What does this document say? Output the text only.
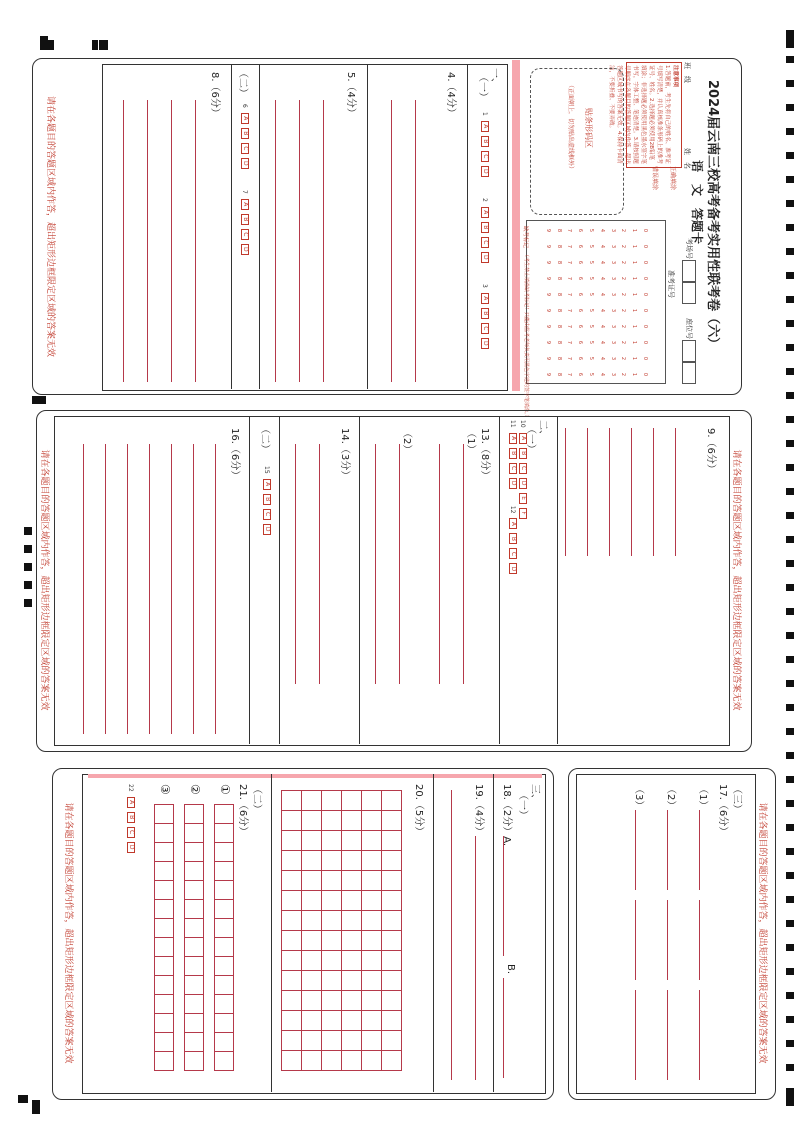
2024届云南三校高考备考实用性联考卷（六）
语　文　答题卡
班　级
姓　名
考场号
座位号
注意事项
1.答题前，考生先将自己的姓名、准考证号填写清楚，并认真核准条形码上的准考证号、姓名。2.选择题必须使用2B铅笔填涂；非选择题必须使用黑色墨水签字笔书写，字体工整、笔迹清楚。3.请按照题号顺序在各题目的答题区域内作答，超出答题区域书写的答案无效。4.保持卡面清洁，不要折叠、不要弄破。
正确填涂
错误填涂
准考证号
0
1
2
3
4
5
6
7
8
9
0
1
2
3
4
5
6
7
8
9
0
1
2
3
4
5
6
7
8
9
0
1
2
3
4
5
6
7
8
9
0
1
2
3
4
5
6
7
8
9
0
1
2
3
4
5
6
7
8
9
0
1
2
3
4
5
6
7
8
9
0
1
2
3
4
5
6
7
8
9
0
1
2
3
4
5
6
7
8
9
0
1
2
3
4
5
6
7
8
9
贴条形码区
（正面朝上，切勿贴出虚线框外）
缺考标记
（考生禁止填涂缺考标记！只能由监考老师负责用黑色字迹的签字笔填涂。）
一、
（一）
1ABCD 2ABCD 3ABCD
4.（4分）
5.（4分）
（二）
6ABCD 7ABCD
8.（6分）
请在各题目的答题区域内作答，超出矩形边框限定区域的答案无效
请在各题目的答题区域内作答，超出矩形边框限定区域的答案无效
9.（6分）
二、
（一）
10ABCDEF
11ABCD 12ABCD
13.（8分）
（1）
（2）
14.（3分）
（二）
15ABCD
16.（6分）
请在各题目的答题区域内作答，超出矩形边框限定区域的答案无效
请在各题目的答题区域内作答，超出矩形边框限定区域的答案无效
（三）
17.（6分）
（1）
（2）
（3）
请在各题目的答题区域内作答，超出矩形边框限定区域的答案无效
三、
（一）
18.（2分）A.
B.
19.（4分）
20.（5分）
（二）
21.（6分）
①
②
③
22ABCD
